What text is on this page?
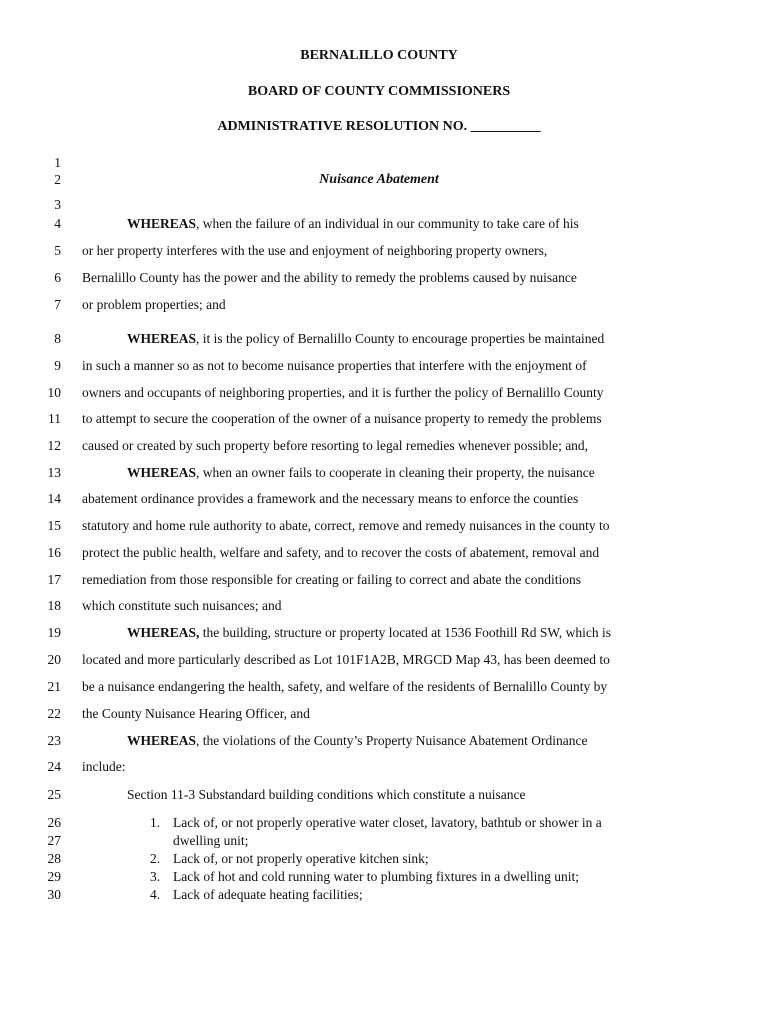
BERNALILLO COUNTY
BOARD OF COUNTY COMMISSIONERS
ADMINISTRATIVE RESOLUTION NO. __________
1
2
3
4
5
6
7
8
9
10
11
12
13
14
15
16
17
18
19
20
21
22
23
24
25
26
27
28
29
30
Nuisance Abatement
WHEREAS, when the failure of an individual in our community to take care of his
or her property interferes with the use and enjoyment of neighboring property owners,
Bernalillo County has the power and the ability to remedy the problems caused by nuisance
or problem properties; and
WHEREAS, it is the policy of Bernalillo County to encourage properties be maintained
in such a manner so as not to become nuisance properties that interfere with the enjoyment of
owners and occupants of neighboring properties, and it is further the policy of Bernalillo County
to attempt to secure the cooperation of the owner of a nuisance property to remedy the problems
caused or created by such property before resorting to legal remedies whenever possible; and,
WHEREAS, when an owner fails to cooperate in cleaning their property, the nuisance
abatement ordinance provides a framework and the necessary means to enforce the counties
statutory and home rule authority to abate, correct, remove and remedy nuisances in the county to
protect the public health, welfare and safety, and to recover the costs of abatement, removal and
remediation from those responsible for creating or failing to correct and abate the conditions
which constitute such nuisances; and
WHEREAS, the building, structure or property located at 1536 Foothill Rd SW, which is
located and more particularly described as Lot 101F1A2B, MRGCD Map 43, has been deemed to
be a nuisance endangering the health, safety, and welfare of the residents of Bernalillo County by
the County Nuisance Hearing Officer, and
WHEREAS, the violations of the County’s Property Nuisance Abatement Ordinance
include:
Section 11-3 Substandard building conditions which constitute a nuisance
1. Lack of, or not properly operative water closet, lavatory, bathtub or shower in a
dwelling unit;
2. Lack of, or not properly operative kitchen sink;
3. Lack of hot and cold running water to plumbing fixtures in a dwelling unit;
4. Lack of adequate heating facilities;
